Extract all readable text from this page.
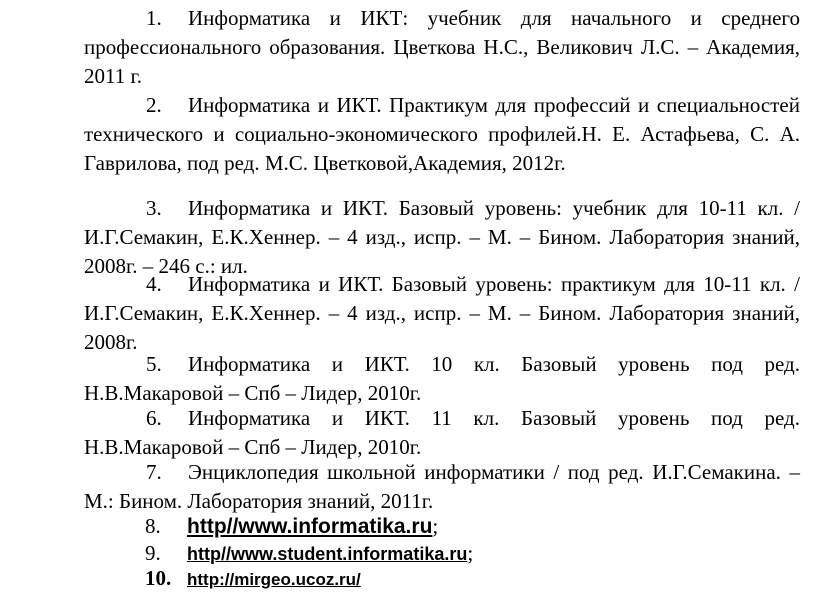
1. Информатика и ИКТ: учебник для начального и среднего профессионального образования. Цветкова Н.С., Великович Л.С. – Академия, 2011 г.

2. Информатика и ИКТ. Практикум для профессий и специальностей технического и социально-экономического профилей.Н. Е. Астафьева, С. А. Гаврилова, под ред. М.С. Цветковой,Академия, 2012г.

3. Информатика и ИКТ. Базовый уровень: учебник для 10-11 кл. / И.Г.Семакин, Е.К.Хеннер. – 4 изд., испр. – М. – Бином. Лаборатория знаний, 2008г. – 246 с.: ил.

4. Информатика и ИКТ. Базовый уровень: практикум для 10-11 кл. / И.Г.Семакин, Е.К.Хеннер. – 4 изд., испр. – М. – Бином. Лаборатория знаний, 2008г.

5. Информатика и ИКТ. 10 кл. Базовый уровень под ред. Н.В.Макаровой – Спб – Лидер, 2010г.

6. Информатика и ИКТ. 11 кл. Базовый уровень под ред. Н.В.Макаровой – Спб – Лидер, 2010г.

7. Энциклопедия школьной информатики / под ред. И.Г.Семакина. – М.: Бином. Лаборатория знаний, 2011г.

8. http//www.informatika.ru;

9. http//www.student.informatika.ru;

10. http://mirgeo.ucoz.ru/
